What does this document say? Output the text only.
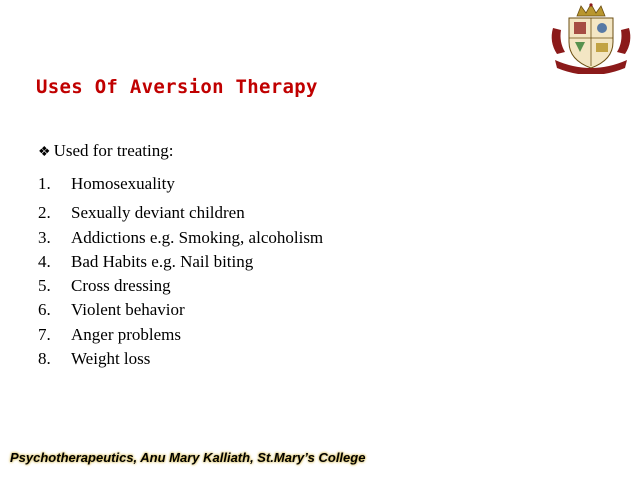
Uses Of Aversion Therapy
❖ Used for treating:
1.	Homosexuality
2.	Sexually deviant children
3.	Addictions e.g. Smoking, alcoholism
4.	Bad Habits e.g. Nail biting
5.	Cross dressing
6.	Violent behavior
7.	Anger problems
8.	Weight loss
Psychotherapeutics, Anu Mary Kalliath, St.Mary’s College
